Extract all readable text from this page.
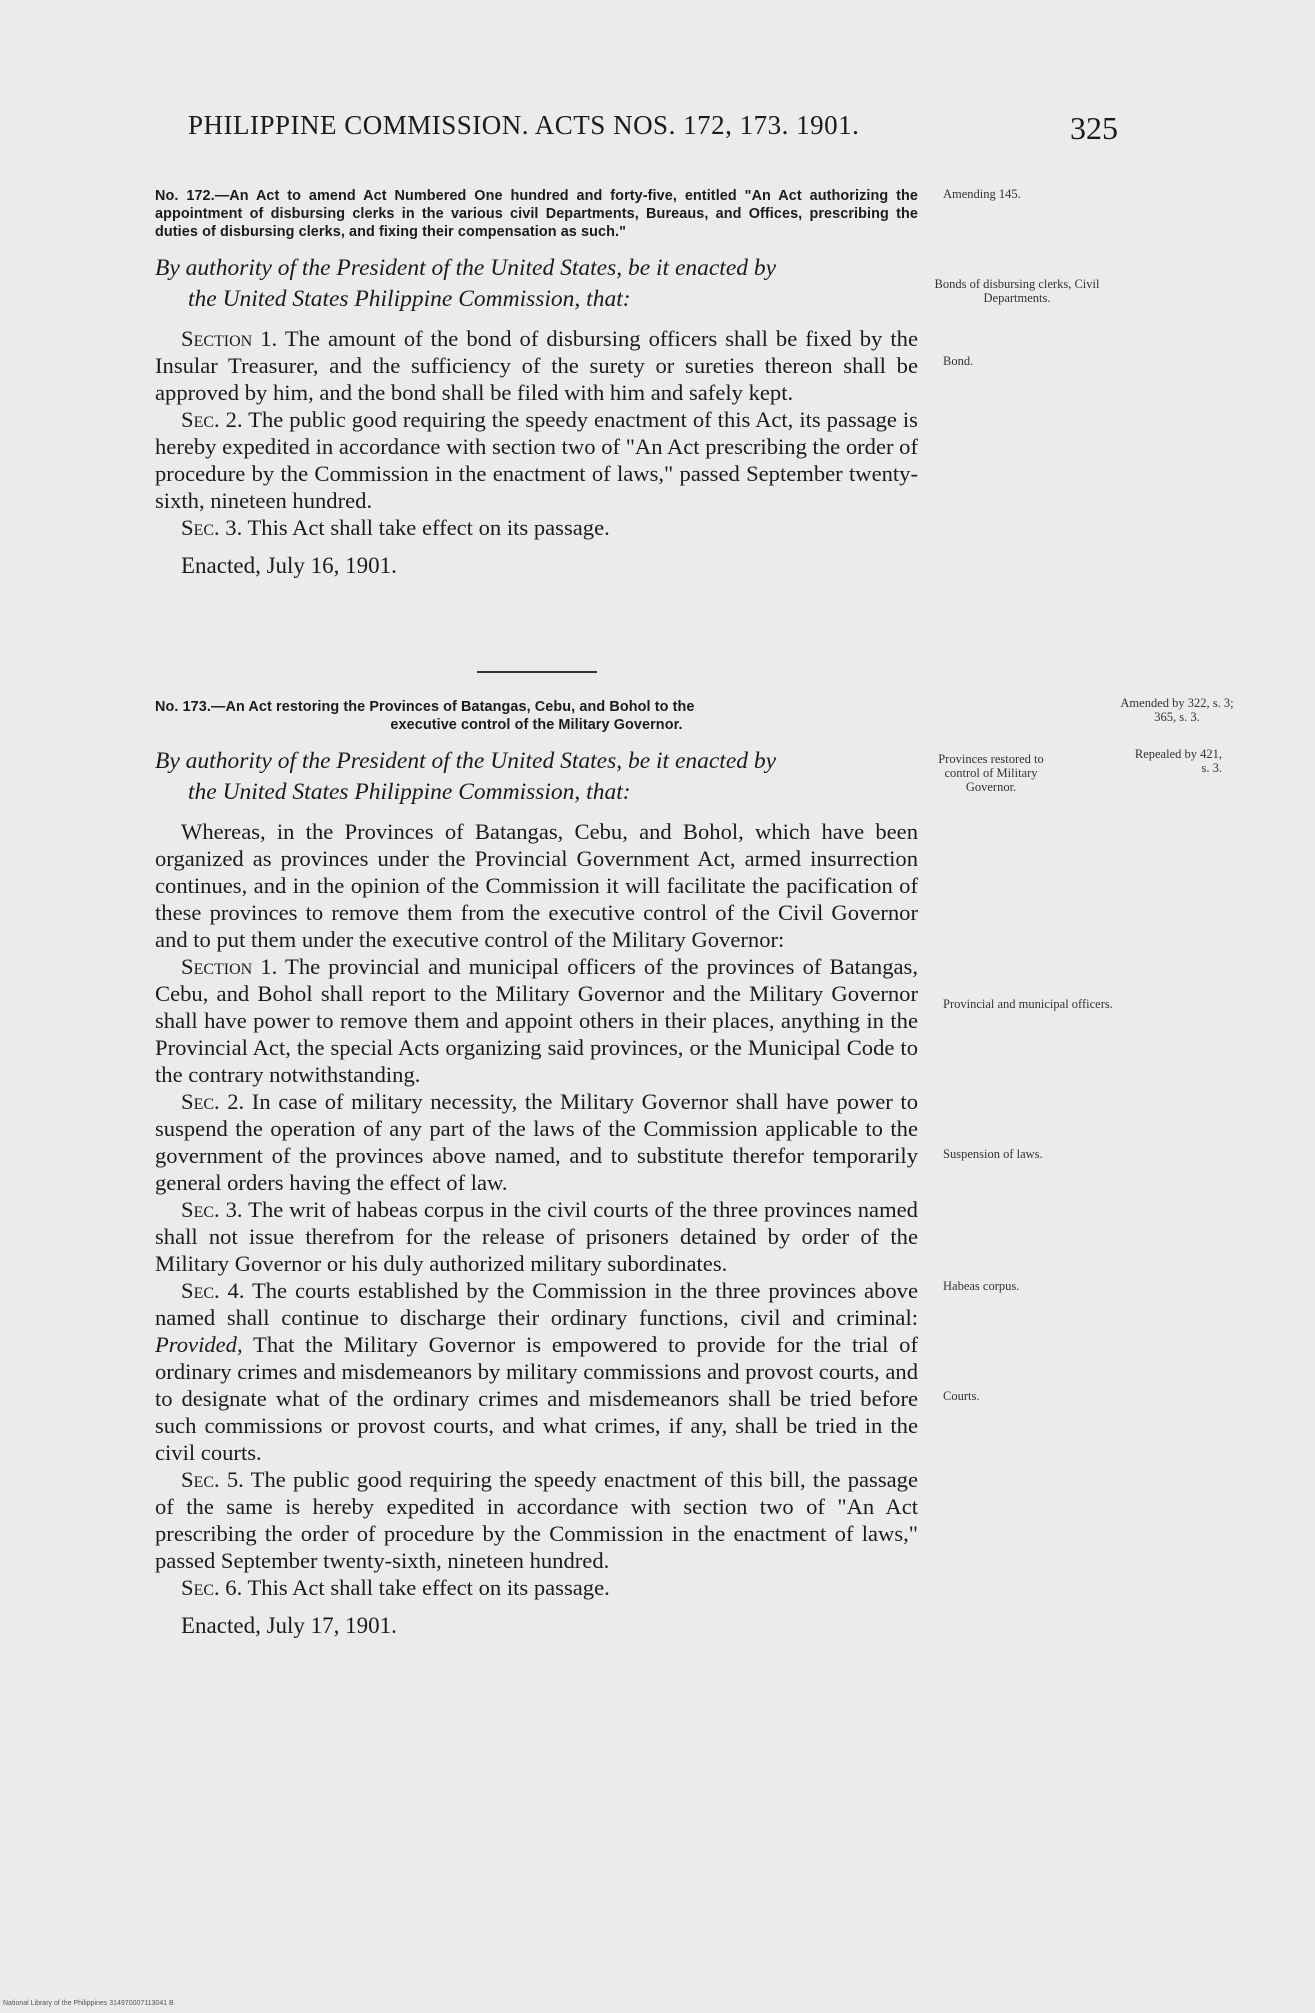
PHILIPPINE COMMISSION. ACTS NOS. 172, 173. 1901.	325

No. 172.—An Act to amend Act Numbered One hundred and forty-five, entitled "An Act authorizing the appointment of disbursing clerks in the various civil Departments, Bureaus, and Offices, prescribing the duties of disbursing clerks, and fixing their compensation as such."

By authority of the President of the United States, be it enacted by
the United States Philippine Commission, that:

Section 1. The amount of the bond of disbursing officers shall be fixed by the Insular Treasurer, and the sufficiency of the surety or sureties thereon shall be approved by him, and the bond shall be filed with him and safely kept.

Sec. 2. The public good requiring the speedy enactment of this Act, its passage is hereby expedited in accordance with section two of "An Act prescribing the order of procedure by the Commission in the enactment of laws," passed September twenty-sixth, nineteen hundred.

Sec. 3. This Act shall take effect on its passage.

Enacted, July 16, 1901.

No. 173.—An Act restoring the Provinces of Batangas, Cebu, and Bohol to the

executive control of the Military Governor.

By authority of the President of the United States, be it enacted by
the United States Philippine Commission, that:

Whereas, in the Provinces of Batangas, Cebu, and Bohol, which have been organized as provinces under the Provincial Government Act, armed insurrection continues, and in the opinion of the Commission it will facilitate the pacification of these provinces to remove them from the executive control of the Civil Governor and to put them under the executive control of the Military Governor:

Section 1. The provincial and municipal officers of the provinces of Batangas, Cebu, and Bohol shall report to the Military Governor and the Military Governor shall have power to remove them and appoint others in their places, anything in the Provincial Act, the special Acts organizing said provinces, or the Municipal Code to the contrary notwithstanding.

Sec. 2. In case of military necessity, the Military Governor shall have power to suspend the operation of any part of the laws of the Commission applicable to the government of the provinces above named, and to substitute therefor temporarily general orders having the effect of law.

Sec. 3. The writ of habeas corpus in the civil courts of the three provinces named shall not issue therefrom for the release of prisoners detained by order of the Military Governor or his duly authorized military subordinates.

Sec. 4. The courts established by the Commission in the three provinces above named shall continue to discharge their ordinary functions, civil and criminal: Provided, That the Military Governor is empowered to provide for the trial of ordinary crimes and misdemeanors by military commissions and provost courts, and to designate what of the ordinary crimes and misdemeanors shall be tried before such commissions or provost courts, and what crimes, if any, shall be tried in the civil courts.

Sec. 5. The public good requiring the speedy enactment of this bill, the passage of the same is hereby expedited in accordance with section two of "An Act prescribing the order of procedure by the Commission in the enactment of laws," passed September twenty-sixth, nineteen hundred.

Sec. 6. This Act shall take effect on its passage.

Enacted, July 17, 1901.

Amending 145.
Bonds of disbursing clerks, Civil Departments.
Bond.
Amended by 322, s. 3; 365, s. 3.
Repealed by 421, s. 3.
Provinces restored to control of Military Governor.
Provincial and municipal officers.
Suspension of laws.
Habeas corpus.
Courts.
National Library of the Philippines 314970007113041 B
